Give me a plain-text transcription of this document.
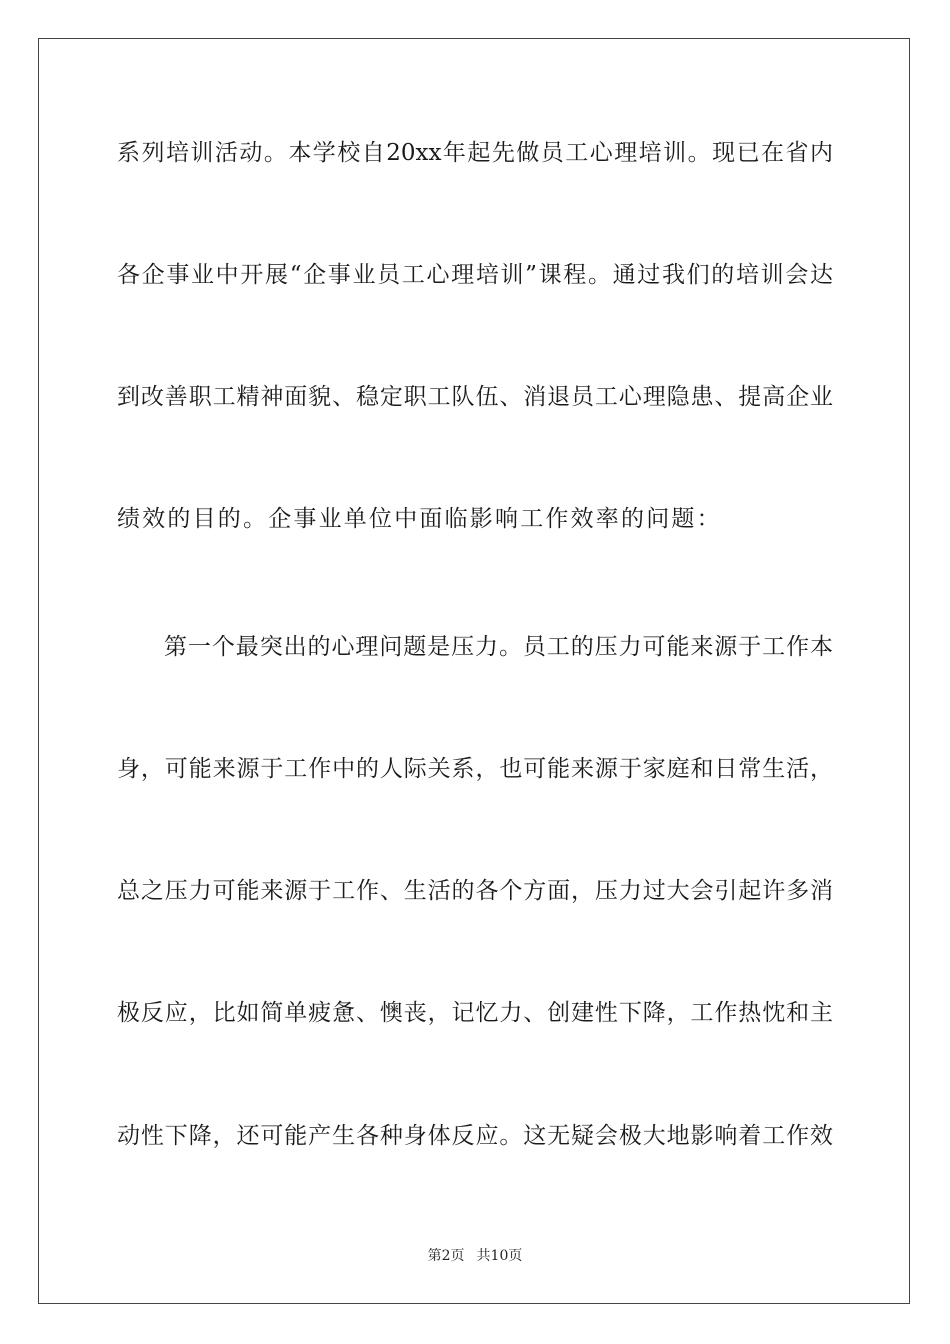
系列培训活动。本学校自20xx年起先做员工心理培训。现已在省内
各企事业中开展“企事业员工心理培训”课程。通过我们的培训会达
到改善职工精神面貌、稳定职工队伍、消退员工心理隐患、提高企业
绩效的目的。企事业单位中面临影响工作效率的问题：
第一个最突出的心理问题是压力。员工的压力可能来源于工作本
身，可能来源于工作中的人际关系，也可能来源于家庭和日常生活，
总之压力可能来源于工作、生活的各个方面，压力过大会引起许多消
极反应，比如简单疲惫、懊丧，记忆力、创建性下降，工作热忱和主
动性下降，还可能产生各种身体反应。这无疑会极大地影响着工作效
第2页 共10页
